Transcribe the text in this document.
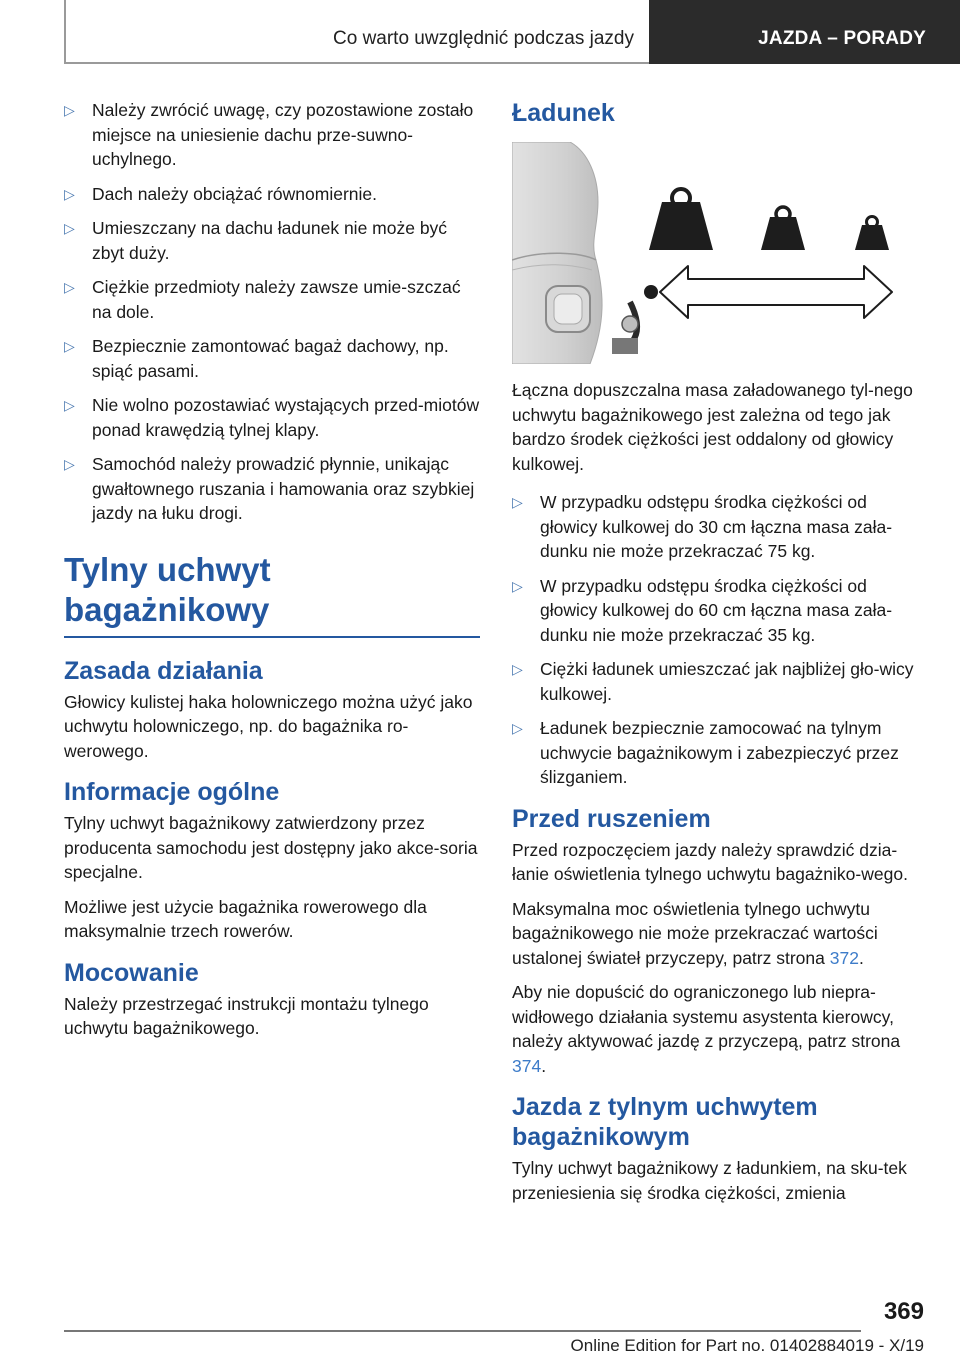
Co warto uwzględnić podczas jazdy	JAZDA – PORADY
▷ Należy zwrócić uwagę, czy pozostawione zostało miejsce na uniesienie dachu prze-suwno-uchylnego.
▷ Dach należy obciążać równomiernie.
▷ Umieszczany na dachu ładunek nie może być zbyt duży.
▷ Ciężkie przedmioty należy zawsze umie-szczać na dole.
▷ Bezpiecznie zamontować bagaż dachowy, np. spiąć pasami.
▷ Nie wolno pozostawiać wystających przed-miotów ponad krawędzią tylnej klapy.
▷ Samochód należy prowadzić płynnie, unikając gwałtownego ruszania i hamowania oraz szybkiej jazdy na łuku drogi.
Tylny uchwyt bagażnikowy
Zasada działania

Głowicy kulistej haka holowniczego można użyć jako uchwytu holowniczego, np. do bagażnika ro-werowego.

Informacje ogólne

Tylny uchwyt bagażnikowy zatwierdzony przez producenta samochodu jest dostępny jako akce-soria specjalne.

Możliwe jest użycie bagażnika rowerowego dla maksymalnie trzech rowerów.

Mocowanie

Należy przestrzegać instrukcji montażu tylnego uchwytu bagażnikowego.

Ładunek

Łączna dopuszczalna masa załadowanego tyl-nego uchwytu bagażnikowego jest zależna od tego jak bardzo środek ciężkości jest oddalony od głowicy kulkowej.

▷ W przypadku odstępu środka ciężkości od głowicy kulkowej do 30 cm łączna masa zała-dunku nie może przekraczać 75 kg.
▷ W przypadku odstępu środka ciężkości od głowicy kulkowej do 60 cm łączna masa zała-dunku nie może przekraczać 35 kg.
▷ Ciężki ładunek umieszczać jak najbliżej gło-wicy kulkowej.
▷ Ładunek bezpiecznie zamocować na tylnym uchwycie bagażnikowym i zabezpieczyć przez ślizganiem.
Przed ruszeniem

Przed rozpoczęciem jazdy należy sprawdzić dzia-łanie oświetlenia tylnego uchwytu bagażniko-wego.

Maksymalna moc oświetlenia tylnego uchwytu bagażnikowego nie może przekraczać wartości ustalonej świateł przyczepy, patrz strona 372.

Aby nie dopuścić do ograniczonego lub niepra-widłowego działania systemu asystenta kierowcy, należy aktywować jazdę z przyczepą, patrz strona 374.

Jazda z tylnym uchwytem bagażnikowym

Tylny uchwyt bagażnikowy z ładunkiem, na sku-tek przeniesienia się środka ciężkości, zmienia

369
Online Edition for Part no. 01402884019 - X/19
